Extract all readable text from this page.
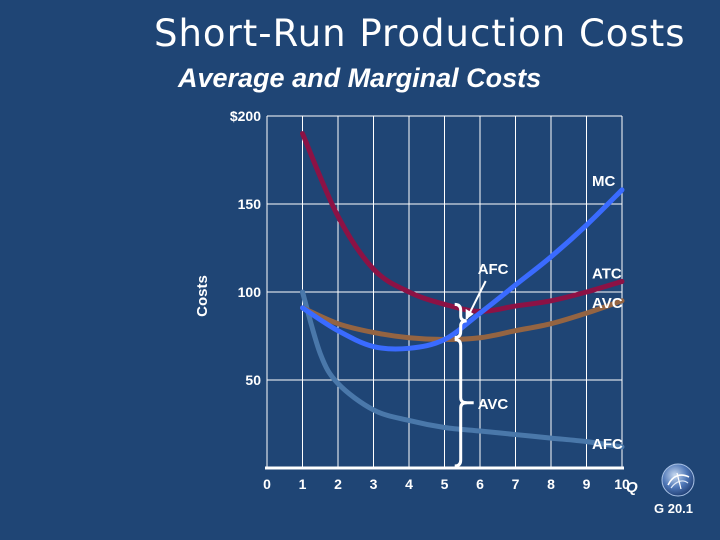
Short-Run Production Costs
Average and Marginal Costs
AFC
AVC
0 1 2 3 4 5 6 7 8 9 10
50
100
150
$200
Q
Costs
MC
ATC
AVC
AFC
G 20.1
